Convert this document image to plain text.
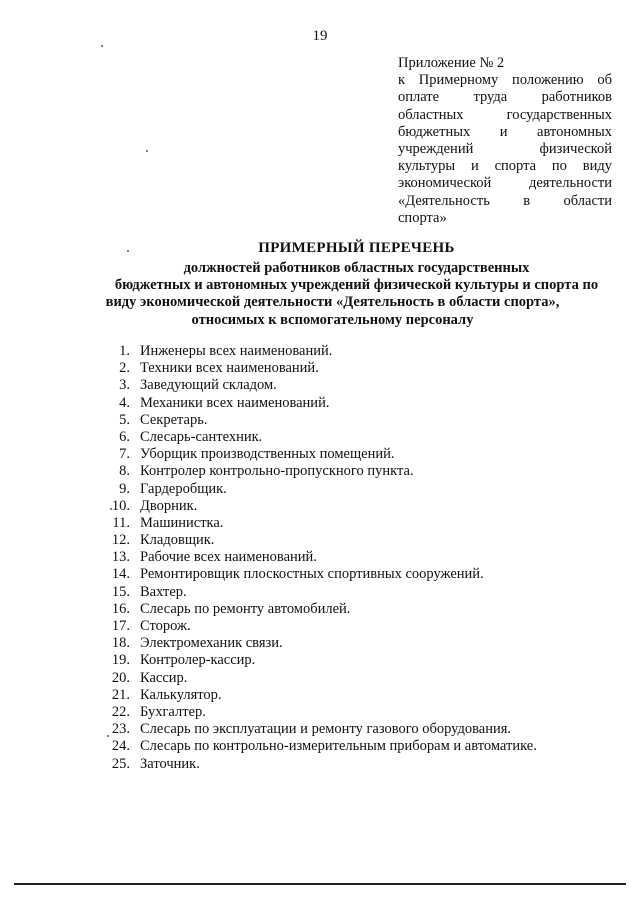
19
Приложение № 2
к Примерному положению об
оплате труда работников
областных государственных
бюджетных и автономных
учреждений физической
культуры и спорта по виду
экономической деятельности
«Деятельность в области
спорта»
ПРИМЕРНЫЙ ПЕРЕЧЕНЬ
должностей работников областных государственных
бюджетных и автономных учреждений физической культуры и спорта по
виду экономической деятельности «Деятельность в области спорта»,
относимых к вспомогательному персоналу
1. Инженеры всех наименований.
2. Техники всех наименований.
3. Заведующий складом.
4. Механики всех наименований.
5. Секретарь.
6. Слесарь-сантехник.
7. Уборщик производственных помещений.
8. Контролер контрольно-пропускного пункта.
9. Гардеробщик.
10. Дворник.
11. Машинистка.
12. Кладовщик.
13. Рабочие всех наименований.
14. Ремонтировщик плоскостных спортивных сооружений.
15. Вахтер.
16. Слесарь по ремонту автомобилей.
17. Сторож.
18. Электромеханик связи.
19. Контролер-кассир.
20. Кассир.
21. Калькулятор.
22. Бухгалтер.
23. Слесарь по эксплуатации и ремонту газового оборудования.
24. Слесарь по контрольно-измерительным приборам и автоматике.
25. Заточник.
